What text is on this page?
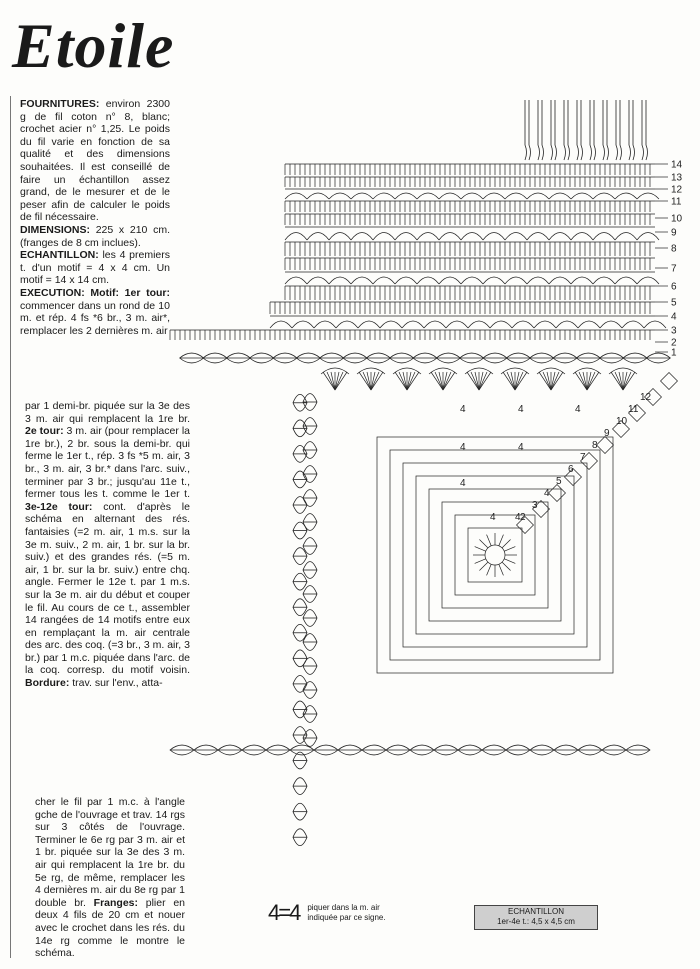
Etoile
FOURNITURES: environ 2300 g de fil coton n° 8, blanc; crochet acier n° 1,25. Le poids du fil varie en fonction de sa qualité et des dimensions souhaitées. Il est conseillé de faire un échantillon assez grand, de le mesurer et de le peser afin de calculer le poids de fil nécessaire.
DIMENSIONS: 225 x 210 cm. (franges de 8 cm inclues).
ECHANTILLON: les 4 premiers t. d'un motif = 4 x 4 cm. Un motif = 14 x 14 cm.
EXECUTION: Motif: 1er tour: commencer dans un rond de 10 m. et rép. 4 fs *6 br., 3 m. air*, remplacer les 2 dernières m. air
par 1 demi-br. piquée sur la 3e des 3 m. air qui remplacent la 1re br. 2e tour: 3 m. air (pour remplacer la 1re br.), 2 br. sous la demi-br. qui ferme le 1er t., rép. 3 fs *5 m. air, 3 br., 3 m. air, 3 br.* dans l'arc. suiv., terminer par 3 br.; jusqu'au 11e t., fermer tous les t. comme le 1er t. 3e-12e tour: cont. d'après le schéma en alternant des rés. fantaisies (=2 m. air, 1 m.s. sur la 3e m. suiv., 2 m. air, 1 br. sur la br. suiv.) et des grandes rés. (=5 m. air, 1 br. sur la br. suiv.) entre chq. angle. Fermer le 12e t. par 1 m.s. sur la 3e m. air du début et couper le fil. Au cours de ce t., assembler 14 rangées de 14 motifs entre eux en remplaçant la m. air centrale des arc. des coq. (=3 br., 3 m. air, 3 br.) par 1 m.c. piquée dans l'arc. de la coq. corresp. du motif voisin. Bordure: trav. sur l'env., atta-
cher le fil par 1 m.c. à l'angle gche de l'ouvrage et trav. 14 rgs sur 3 côtés de l'ouvrage. Terminer le 6e rg par 3 m. air et 1 br. piquée sur la 3e des 3 m. air qui remplacent la 1re br. du 5e rg, de même, remplacer les 4 dernières m. air du 8e rg par 1 double br. Franges: plier en deux 4 fils de 20 cm et nouer avec le crochet dans les rés. du 14e rg comme le montre le schéma.
14
13
12
11
10
9
8
7
6
5
4
3
2
1
4	4	4
4	4
4
4 4 2
3
4
5
6
7
8
9
10
11
12
4=4 piquer dans la m. air indiquée par ce signe.
ECHANTILLON
1er-4e t.: 4,5 x 4,5 cm
